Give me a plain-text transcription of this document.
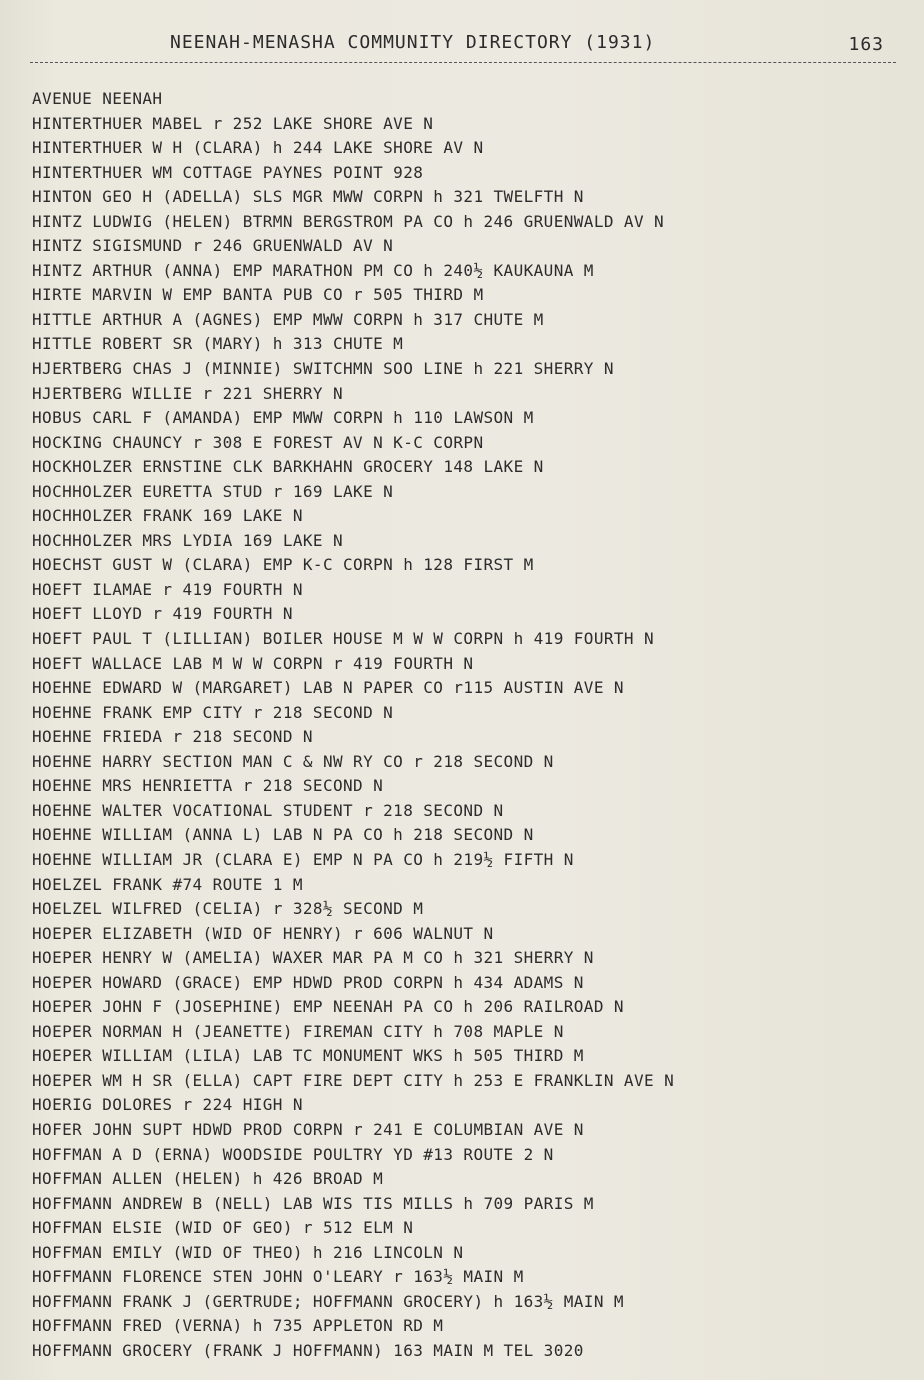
NEENAH-MENASHA COMMUNITY DIRECTORY (1931)	163
AVENUE NEENAH
HINTERTHUER MABEL r 252 LAKE SHORE AVE N
HINTERTHUER W H (CLARA) h 244 LAKE SHORE AV N
HINTERTHUER WM COTTAGE PAYNES POINT 928
HINTON GEO H (ADELLA) SLS MGR MWW CORPN h 321 TWELFTH N
HINTZ LUDWIG (HELEN) BTRMN BERGSTROM PA CO h 246 GRUENWALD AV N
HINTZ SIGISMUND r 246 GRUENWALD AV N
HINTZ ARTHUR (ANNA) EMP MARATHON PM CO h 240½ KAUKAUNA M
HIRTE MARVIN W EMP BANTA PUB CO r 505 THIRD M
HITTLE ARTHUR A (AGNES) EMP MWW CORPN h 317 CHUTE M
HITTLE ROBERT SR (MARY) h 313 CHUTE M
HJERTBERG CHAS J (MINNIE) SWITCHMN SOO LINE h 221 SHERRY N
HJERTBERG WILLIE r 221 SHERRY N
HOBUS CARL F (AMANDA) EMP MWW CORPN h 110 LAWSON M
HOCKING CHAUNCY r 308 E FOREST AV N K-C CORPN
HOCKHOLZER ERNSTINE CLK BARKHAHN GROCERY 148 LAKE N
HOCHHOLZER EURETTA STUD r 169 LAKE N
HOCHHOLZER FRANK 169 LAKE N
HOCHHOLZER MRS LYDIA 169 LAKE N
HOECHST GUST W (CLARA) EMP K-C CORPN h 128 FIRST M
HOEFT ILAMAE r 419 FOURTH N
HOEFT LLOYD r 419 FOURTH N
HOEFT PAUL T (LILLIAN) BOILER HOUSE M W W CORPN h 419 FOURTH N
HOEFT WALLACE LAB M W W CORPN r 419 FOURTH N
HOEHNE EDWARD W (MARGARET) LAB N PAPER CO r115 AUSTIN AVE N
HOEHNE FRANK EMP CITY r 218 SECOND N
HOEHNE FRIEDA r 218 SECOND N
HOEHNE HARRY SECTION MAN C & NW RY CO r 218 SECOND N
HOEHNE MRS HENRIETTA r 218 SECOND N
HOEHNE WALTER VOCATIONAL STUDENT r 218 SECOND N
HOEHNE WILLIAM (ANNA L) LAB N PA CO h 218 SECOND N
HOEHNE WILLIAM JR (CLARA E) EMP N PA CO h 219½ FIFTH N
HOELZEL FRANK #74 ROUTE 1 M
HOELZEL WILFRED (CELIA) r 328½ SECOND M
HOEPER ELIZABETH (WID OF HENRY) r 606 WALNUT N
HOEPER HENRY W (AMELIA) WAXER MAR PA M CO h 321 SHERRY N
HOEPER HOWARD (GRACE) EMP HDWD PROD CORPN h 434 ADAMS N
HOEPER JOHN F (JOSEPHINE) EMP NEENAH PA CO h 206 RAILROAD N
HOEPER NORMAN H (JEANETTE) FIREMAN CITY h 708 MAPLE N
HOEPER WILLIAM (LILA) LAB TC MONUMENT WKS h 505 THIRD M
HOEPER WM H SR (ELLA) CAPT FIRE DEPT CITY h 253 E FRANKLIN AVE N
HOERIG DOLORES r 224 HIGH N
HOFER JOHN SUPT HDWD PROD CORPN r 241 E COLUMBIAN AVE N
HOFFMAN A D (ERNA) WOODSIDE POULTRY YD #13 ROUTE 2 N
HOFFMAN ALLEN (HELEN) h 426 BROAD M
HOFFMANN ANDREW B (NELL) LAB WIS TIS MILLS h 709 PARIS M
HOFFMAN ELSIE (WID OF GEO) r 512 ELM N
HOFFMAN EMILY (WID OF THEO) h 216 LINCOLN N
HOFFMANN FLORENCE STEN JOHN O'LEARY r 163½ MAIN M
HOFFMANN FRANK J (GERTRUDE; HOFFMANN GROCERY) h 163½ MAIN M
HOFFMANN FRED (VERNA) h 735 APPLETON RD M
HOFFMANN GROCERY (FRANK J HOFFMANN) 163 MAIN M TEL 3020
